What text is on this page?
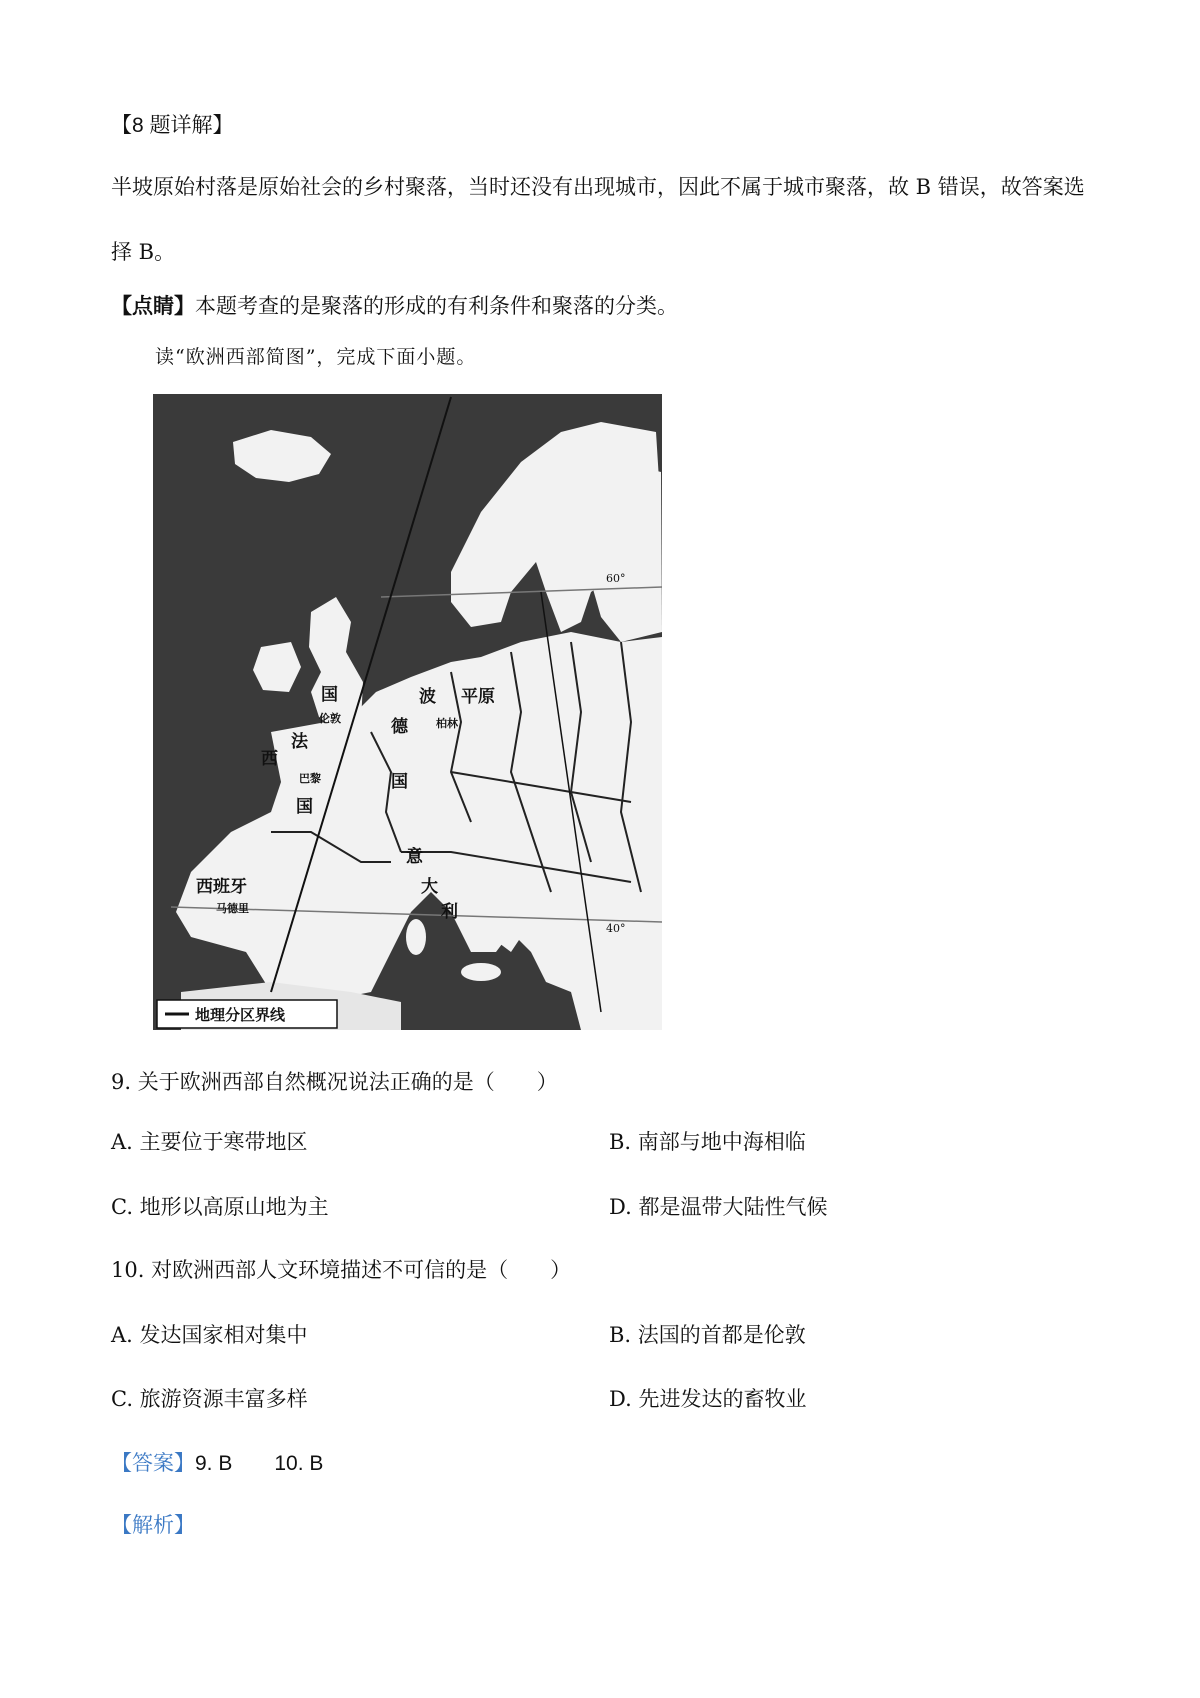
【8 题详解】
半坡原始村落是原始社会的乡村聚落，当时还没有出现城市，因此不属于城市聚落，故 B 错误，故答案选
择 B。
【点睛】本题考查的是聚落的形成的有利条件和聚落的分类。
读“欧洲西部简图”，完成下面小题。
国
伦敦
西
法
巴黎
国
德
国
柏林
波 平原
意
大
利
西班牙
马德里
60°
40°
地理分区界线
9. 关于欧洲西部自然概况说法正确的是（　　）
A. 主要位于寒带地区	B. 南部与地中海相临
C. 地形以高原山地为主	D. 都是温带大陆性气候
10. 对欧洲西部人文环境描述不可信的是（　　）
A. 发达国家相对集中	B. 法国的首都是伦敦
C. 旅游资源丰富多样	D. 先进发达的畜牧业
【答案】9. B　　10. B
【解析】
